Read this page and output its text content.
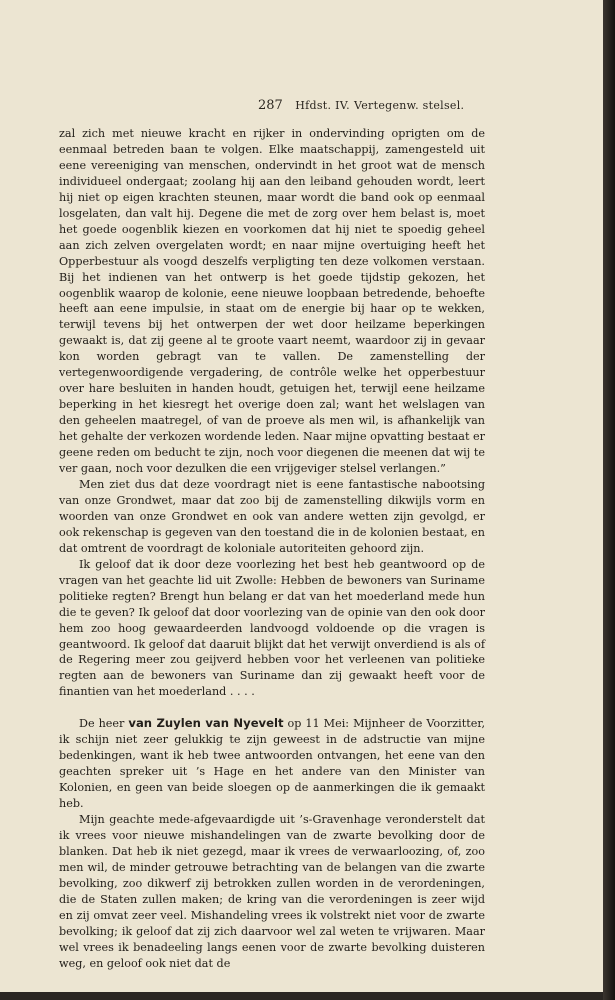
287 Hfdst. IV. Vertegenw. stelsel.

zal zich met nieuwe kracht en rijker in ondervinding oprigten om de eenmaal betreden baan te volgen. Elke maatschappij, zamengesteld uit eene vereeniging van menschen, ondervindt in het groot wat de mensch individueel ondergaat; zoolang hij aan den leiband gehouden wordt, leert hij niet op eigen krachten steunen, maar wordt die band ook op eenmaal losgelaten, dan valt hij. Degene die met de zorg over hem belast is, moet het goede oogenblik kiezen en voorkomen dat hij niet te spoedig geheel aan zich zelven overgelaten wordt; en naar mijne overtuiging heeft het Opperbestuur als voogd deszelfs verpligting ten deze volkomen verstaan. Bij het indienen van het ontwerp is het goede tijdstip gekozen, het oogenblik waarop de kolonie, eene nieuwe loopbaan betredende, behoefte heeft aan eene impulsie, in staat om de energie bij haar op te wekken, terwijl tevens bij het ontwerpen der wet door heilzame beperkingen gewaakt is, dat zij geene al te groote vaart neemt, waardoor zij in gevaar kon worden gebragt van te vallen. De zamenstelling der vertegenwoordigende vergadering, de contrôle welke het opperbestuur over hare besluiten in handen houdt, getuigen het, terwijl eene heilzame beperking in het kiesregt het overige doen zal; want het welslagen van den geheelen maatregel, of van de proeve als men wil, is afhankelijk van het gehalte der verkozen wordende leden. Naar mijne opvatting bestaat er geene reden om beducht te zijn, noch voor diegenen die meenen dat wij te ver gaan, noch voor dezulken die een vrijgeviger stelsel verlangen.”

Men ziet dus dat deze voordragt niet is eene fantastische nabootsing van onze Grondwet, maar dat zoo bij de zamenstelling dikwijls vorm en woorden van onze Grondwet en ook van andere wetten zijn gevolgd, er ook rekenschap is gegeven van den toestand die in de kolonien bestaat, en dat omtrent de voordragt de koloniale autoriteiten gehoord zijn.

Ik geloof dat ik door deze voorlezing het best heb geantwoord op de vragen van het geachte lid uit Zwolle: Hebben de bewoners van Suriname politieke regten? Brengt hun belang er dat van het moederland mede hun die te geven? Ik geloof dat door voorlezing van de opinie van den ook door hem zoo hoog gewaardeerden landvoogd voldoende op die vragen is geantwoord. Ik geloof dat daaruit blijkt dat het verwijt onverdiend is als of de Regering meer zou geijverd hebben voor het verleenen van politieke regten aan de bewoners van Suriname dan zij gewaakt heeft voor de finantien van het moederland . . . .

De heer van Zuylen van Nyevelt op 11 Mei: Mijnheer de Voorzitter, ik schijn niet zeer gelukkig te zijn geweest in de adstructie van mijne bedenkingen, want ik heb twee antwoorden ontvangen, het eene van den geachten spreker uit ’s Hage en het andere van den Minister van Kolonien, en geen van beide sloegen op de aanmerkingen die ik gemaakt heb.

Mijn geachte mede-afgevaardigde uit ’s-Gravenhage veronderstelt dat ik vrees voor nieuwe mishandelingen van de zwarte bevolking door de blanken. Dat heb ik niet gezegd, maar ik vrees de verwaarloozing, of, zoo men wil, de minder getrouwe betrachting van de belangen van die zwarte bevolking, zoo dikwerf zij betrokken zullen worden in de verordeningen, die de Staten zullen maken; de kring van die verordeningen is zeer wijd en zij omvat zeer veel. Mishandeling vrees ik volstrekt niet voor de zwarte bevolking; ik geloof dat zij zich daarvoor wel zal weten te vrijwaren. Maar wel vrees ik benadeeling langs eenen voor de zwarte bevolking duisteren weg, en geloof ook niet dat de
